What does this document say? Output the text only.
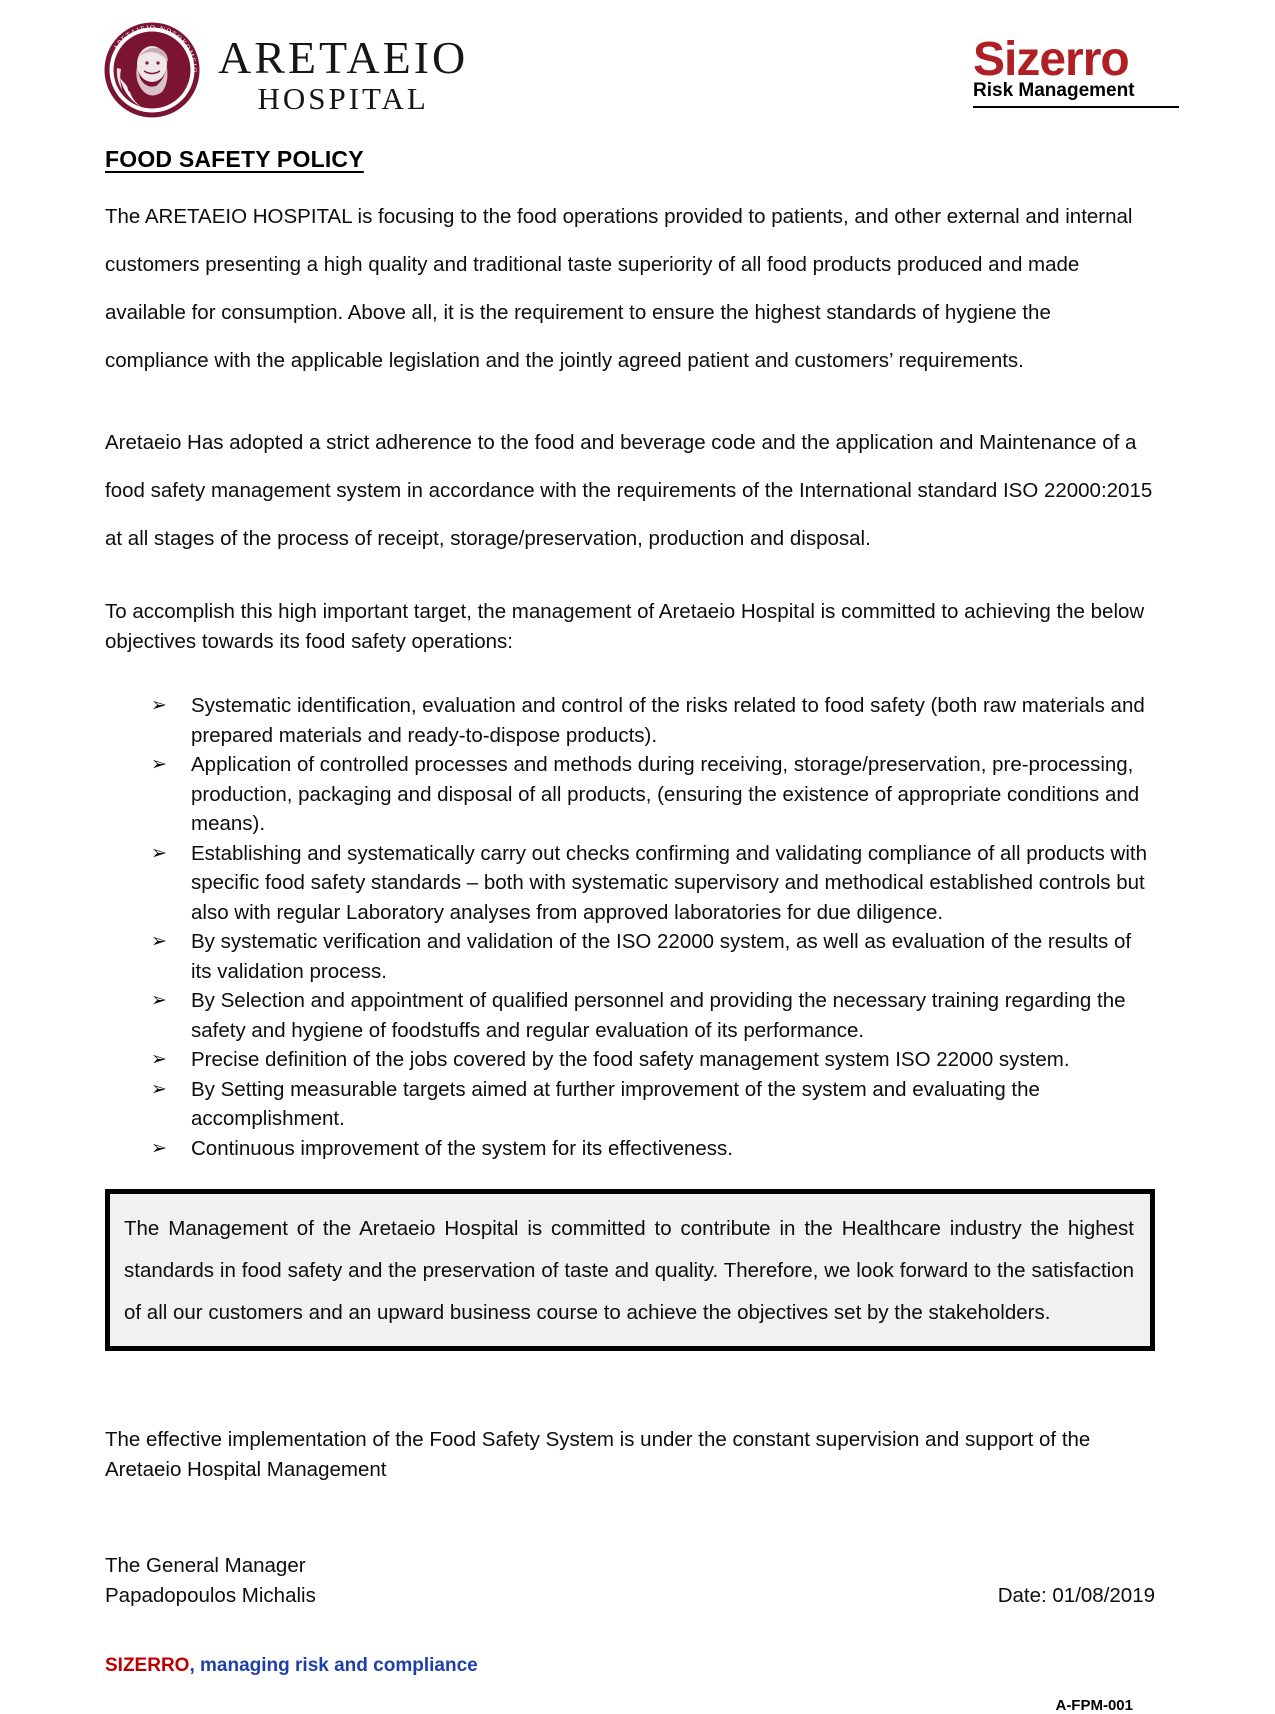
ΑΡΕΤΑΙΕΙΟ ΝΟΣΟΚΟΜΕΙΟ ARETAEIO
HOSPITAL
Sizerro
Risk Management
FOOD SAFETY POLICY

The ARETAEIO HOSPITAL is focusing to the food operations provided to patients, and other external and internal customers presenting a high quality and traditional taste superiority of all food products produced and made available for consumption. Above all, it is the requirement to ensure the highest standards of hygiene the compliance with the applicable legislation and the jointly agreed patient and customers’ requirements.

Aretaeio Has adopted a strict adherence to the food and beverage code and the application and Maintenance of a food safety management system in accordance with the requirements of the International standard ISO 22000:2015 at all stages of the process of receipt, storage/preservation, production and disposal.

To accomplish this high important target, the management of Aretaeio Hospital is committed to achieving the below objectives towards its food safety operations:

➢ Systematic identification, evaluation and control of the risks related to food safety (both raw materials and prepared materials and ready-to-dispose products).
➢ Application of controlled processes and methods during receiving, storage/preservation, pre-processing, production, packaging and disposal of all products, (ensuring the existence of appropriate conditions and means).
➢ Establishing and systematically carry out checks confirming and validating compliance of all products with specific food safety standards – both with systematic supervisory and methodical established controls but also with regular Laboratory analyses from approved laboratories for due diligence.
➢ By systematic verification and validation of the ISO 22000 system, as well as evaluation of the results of its validation process.
➢ By Selection and appointment of qualified personnel and providing the necessary training regarding the safety and hygiene of foodstuffs and regular evaluation of its performance.
➢ Precise definition of the jobs covered by the food safety management system ISO 22000 system.
➢ By Setting measurable targets aimed at further improvement of the system and evaluating the accomplishment.
➢ Continuous improvement of the system for its effectiveness.

The Management of the Aretaeio Hospital is committed to contribute in the Healthcare industry the highest standards in food safety and the preservation of taste and quality. Therefore, we look forward to the satisfaction of all our customers and an upward business course to achieve the objectives set by the stakeholders.

The effective implementation of the Food Safety System is under the constant supervision and support of the Aretaeio Hospital Management

The General Manager
Papadopoulos Michalis	Date: 01/08/2019
SIZERRO, managing risk and compliance
A-FPM-001
